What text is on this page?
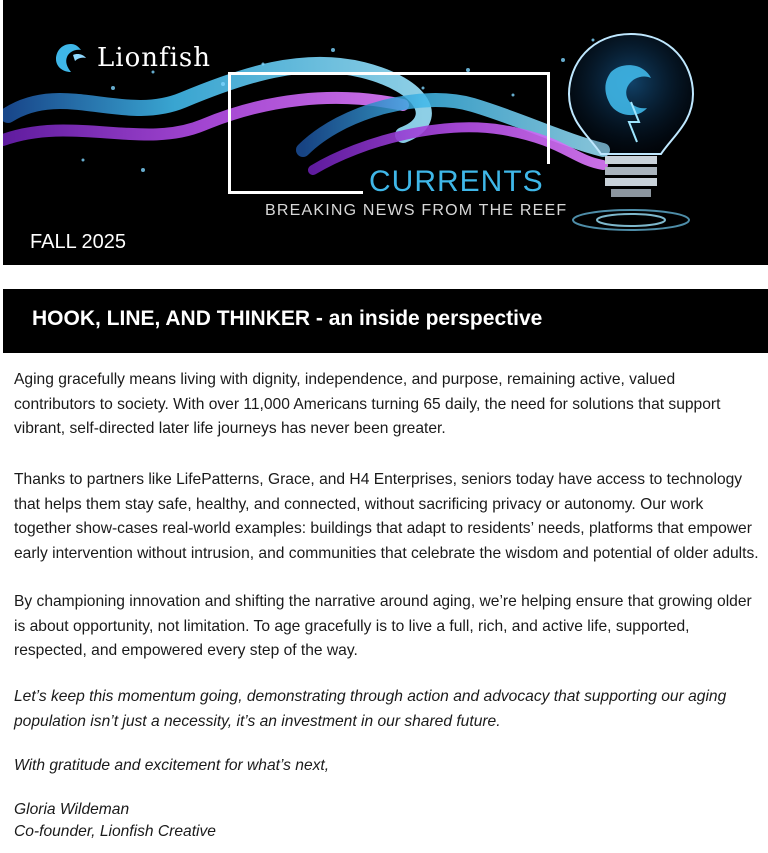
Lionfish
CURRENTS
BREAKING NEWS FROM THE REEF
FALL 2025
HOOK, LINE, AND THINKER - an inside perspective

Aging gracefully means living with dignity, independence, and purpose, remaining active, valued contributors to society. With over 11,000 Americans turning 65 daily, the need for solutions that support vibrant, self-directed later life journeys has never been greater.

Thanks to partners like LifePatterns, Grace, and H4 Enterprises, seniors today have access to technology that helps them stay safe, healthy, and connected, without sacrificing privacy or autonomy. Our work together show-cases real-world examples: buildings that adapt to residents’ needs, platforms that empower early intervention without intrusion, and communities that celebrate the wisdom and potential of older adults.

By championing innovation and shifting the narrative around aging, we’re helping ensure that growing older is about opportunity, not limitation. To age gracefully is to live a full, rich, and active life, supported, respected, and empowered every step of the way.

Let’s keep this momentum going, demonstrating through action and advocacy that supporting our aging population isn’t just a necessity, it’s an investment in our shared future.

With gratitude and excitement for what’s next,

Gloria Wildeman
Co-founder, Lionfish Creative
